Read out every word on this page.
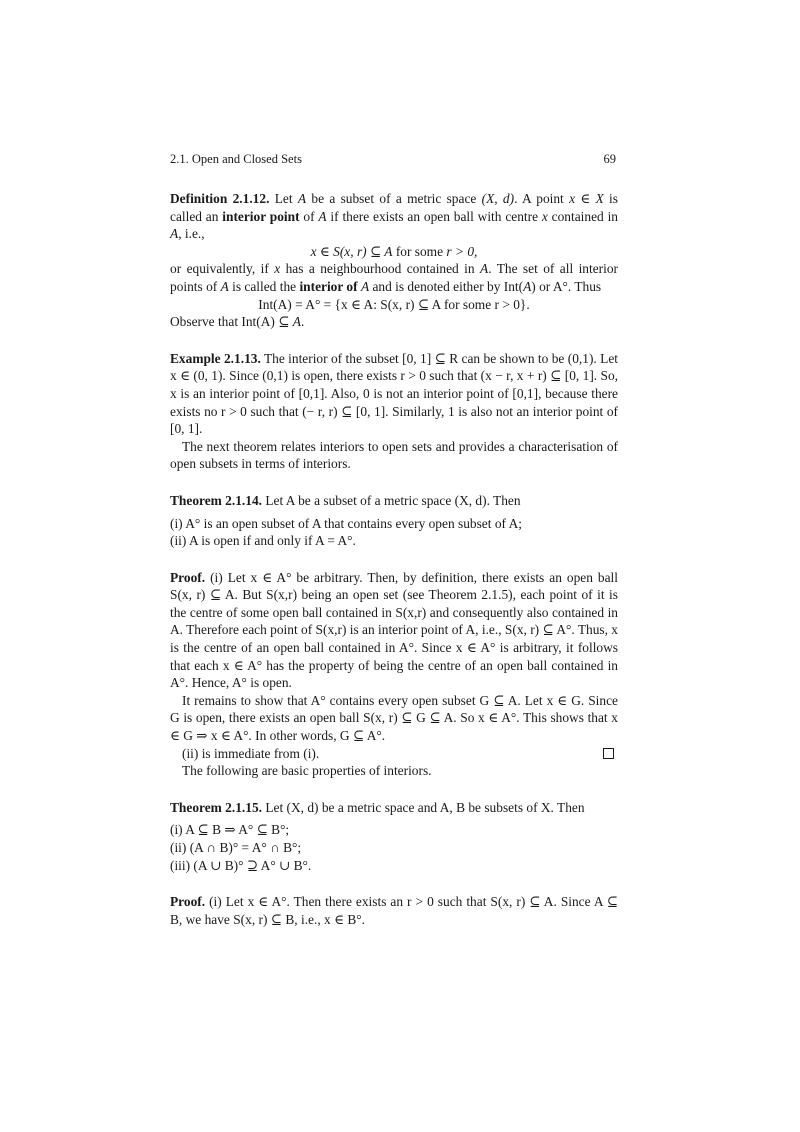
2.1. Open and Closed Sets	69

Definition 2.1.12. Let A be a subset of a metric space (X, d). A point x ∈ X is called an interior point of A if there exists an open ball with centre x contained in A, i.e.,

x ∈ S(x, r) ⊆ A for some r > 0,

or equivalently, if x has a neighbourhood contained in A. The set of all interior points of A is called the interior of A and is denoted either by Int(A) or A°. Thus

Int(A) = A° = {x ∈ A: S(x, r) ⊆ A for some r > 0}.

Observe that Int(A) ⊆ A.

Example 2.1.13. The interior of the subset [0, 1] ⊆ R can be shown to be (0,1). Let x ∈ (0, 1). Since (0,1) is open, there exists r > 0 such that (x − r, x + r) ⊆ [0, 1]. So, x is an interior point of [0,1]. Also, 0 is not an interior point of [0,1], because there exists no r > 0 such that (− r, r) ⊆ [0, 1]. Similarly, 1 is also not an interior point of [0, 1].

The next theorem relates interiors to open sets and provides a characterisation of open subsets in terms of interiors.

Theorem 2.1.14. Let A be a subset of a metric space (X, d). Then

(i) A° is an open subset of A that contains every open subset of A;

(ii) A is open if and only if A = A°.

Proof. (i) Let x ∈ A° be arbitrary. Then, by definition, there exists an open ball S(x, r) ⊆ A. But S(x,r) being an open set (see Theorem 2.1.5), each point of it is the centre of some open ball contained in S(x,r) and consequently also contained in A. Therefore each point of S(x,r) is an interior point of A, i.e., S(x, r) ⊆ A°. Thus, x is the centre of an open ball contained in A°. Since x ∈ A° is arbitrary, it follows that each x ∈ A° has the property of being the centre of an open ball contained in A°. Hence, A° is open.

It remains to show that A° contains every open subset G ⊆ A. Let x ∈ G. Since G is open, there exists an open ball S(x, r) ⊆ G ⊆ A. So x ∈ A°. This shows that x ∈ G ⇒ x ∈ A°. In other words, G ⊆ A°.

(ii) is immediate from (i).

The following are basic properties of interiors.

Theorem 2.1.15. Let (X, d) be a metric space and A, B be subsets of X. Then

(i) A ⊆ B ⇒ A° ⊆ B°;

(ii) (A ∩ B)° = A° ∩ B°;

(iii) (A ∪ B)° ⊇ A° ∪ B°.

Proof. (i) Let x ∈ A°. Then there exists an r > 0 such that S(x, r) ⊆ A. Since A ⊆ B, we have S(x, r) ⊆ B, i.e., x ∈ B°.
